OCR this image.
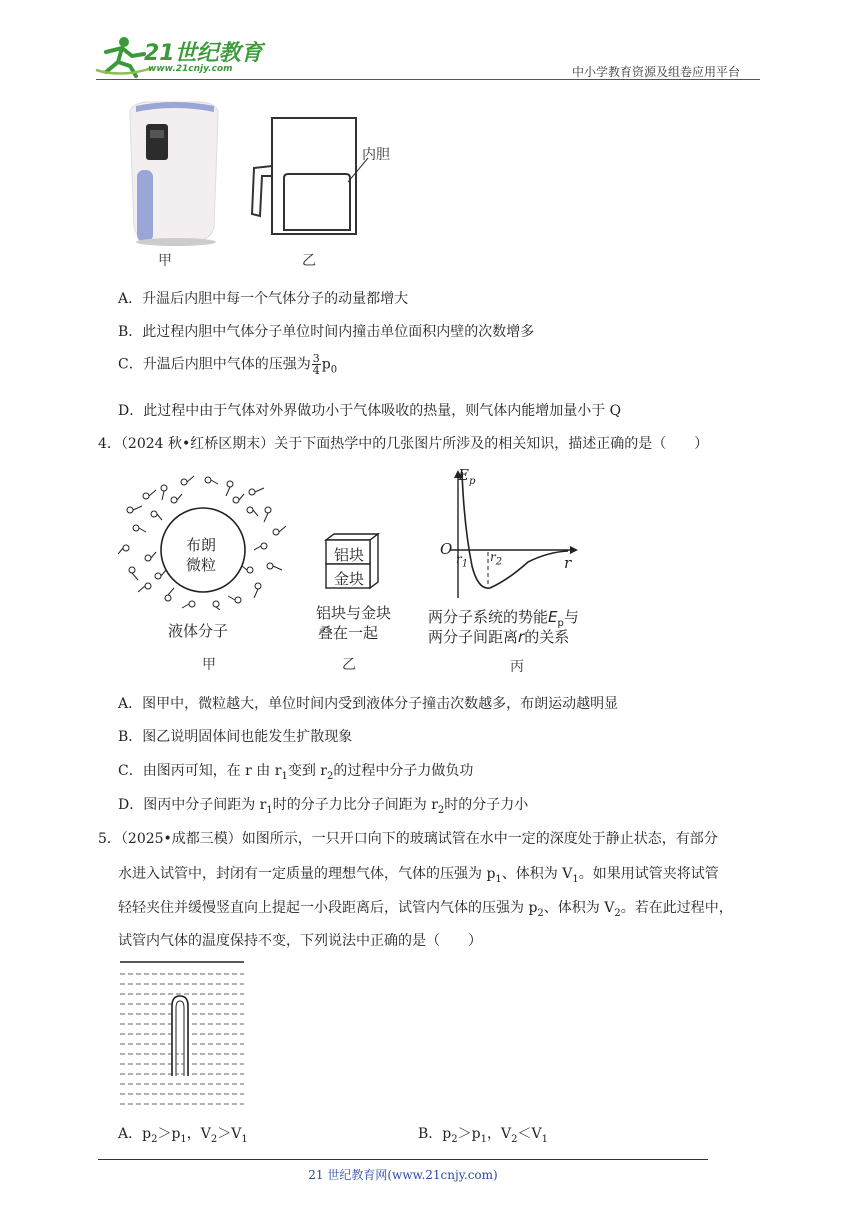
21世纪教育
www.21cnjy.com	中小学教育资源及组卷应用平台
内胆
甲	乙
A．升温后内胆中每一个气体分子的动量都增大
B．此过程内胆中气体分子单位时间内撞击单位面积内壁的次数增多
C．升温后内胆中气体的压强为 $\frac{3}{4} p_0$
D．此过程中由于气体对外界做功小于气体吸收的热量，则气体内能增加量小于 Q
4．（2024 秋•红桥区期末）关于下面热学中的几张图片所涉及的相关知识，描述正确的是（　　）
布朗
微粒
液体分子
甲
铝块
金块
铝块与金块
叠在一起
乙
$E_p$
O
r
$r_1$ $r_2$
两分子系统的势能$E_p$与
两分子间距离r的关系
丙
A．图甲中，微粒越大，单位时间内受到液体分子撞击次数越多，布朗运动越明显
B．图乙说明固体间也能发生扩散现象
C．由图丙可知，在 r 由 $r_1$变到 $r_2$的过程中分子力做负功
D．图丙中分子间距为 $r_1$时的分子力比分子间距为 $r_2$时的分子力小
5．（2025•成都三模）如图所示，一只开口向下的玻璃试管在水中一定的深度处于静止状态，有部分
水进入试管中，封闭有一定质量的理想气体，气体的压强为 $p_1$、体积为 $V_1$。如果用试管夹将试管
轻轻夹住并缓慢竖直向上提起一小段距离后，试管内气体的压强为 $p_2$、体积为 $V_2$。若在此过程中，
试管内气体的温度保持不变，下列说法中正确的是（　　）
A．$p_2>p_1$，$V_2>V_1$	B．$p_2>p_1$，$V_2<V_1$
21 世纪教育网(www.21cnjy.com)
